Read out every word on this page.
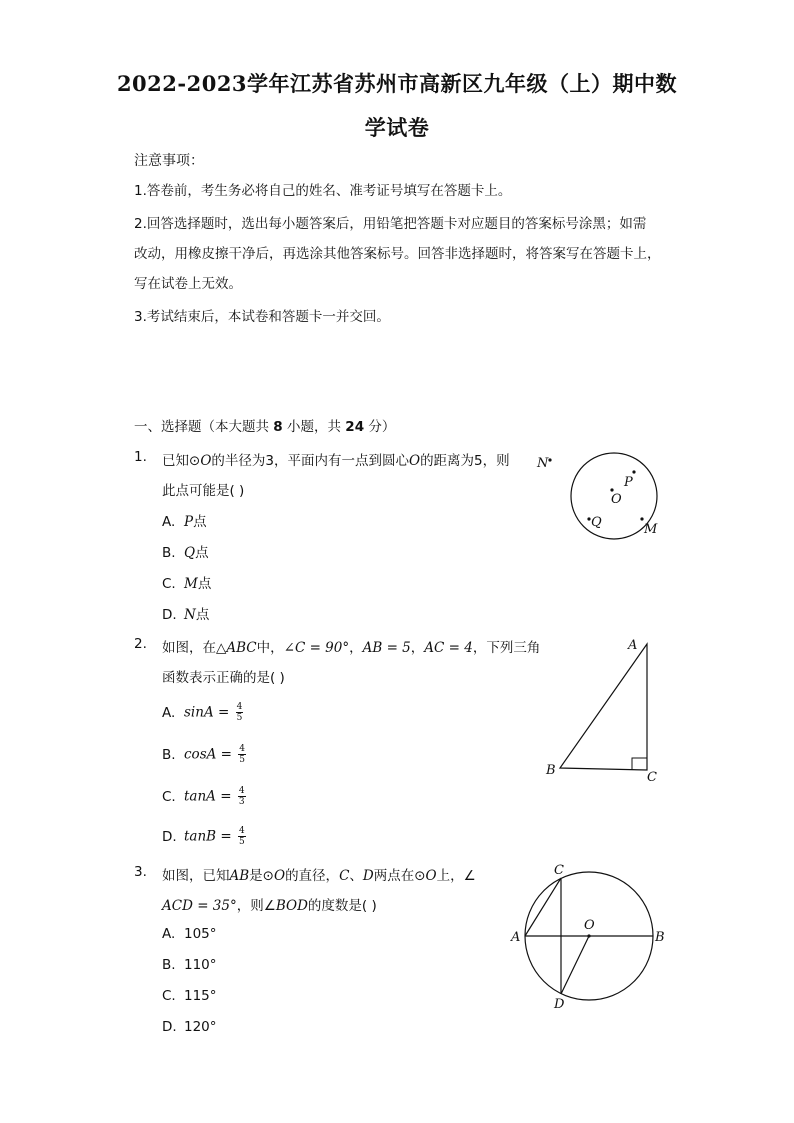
2022-2023学年江苏省苏州市高新区九年级（上）期中数
学试卷
注意事项：
1.答卷前，考生务必将自己的姓名、准考证号填写在答题卡上。
2.回答选择题时，选出每小题答案后，用铅笔把答题卡对应题目的答案标号涂黑；如需
改动，用橡皮擦干净后，再选涂其他答案标号。回答非选择题时，将答案写在答题卡上，
写在试卷上无效。
3.考试结束后，本试卷和答题卡一并交回。
一、选择题（本大题共 8 小题，共 24 分）
1. 已知⊙O的半径为3，平面内有一点到圆心O的距离为5，则
此点可能是( )
A. P点
B. Q点
C. M点
D. N点
N
P
O
Q	M
2. 如图，在△ABC中，∠C = 90°，AB = 5，AC = 4，下列三角
函数表示正确的是( )
A. $\sin A = \frac{4}{5}$
B. $\cos A = \frac{4}{5}$
C. $\tan A = \frac{4}{3}$
D. $\tan B = \frac{4}{5}$
A
B	C
3. 如图，已知AB是⊙O的直径，C、D两点在⊙O上，∠
ACD = 35°，则∠BOD的度数是( )
A. 105°
B. 110°
C. 115°
D. 120°
C
A
O
B
D
